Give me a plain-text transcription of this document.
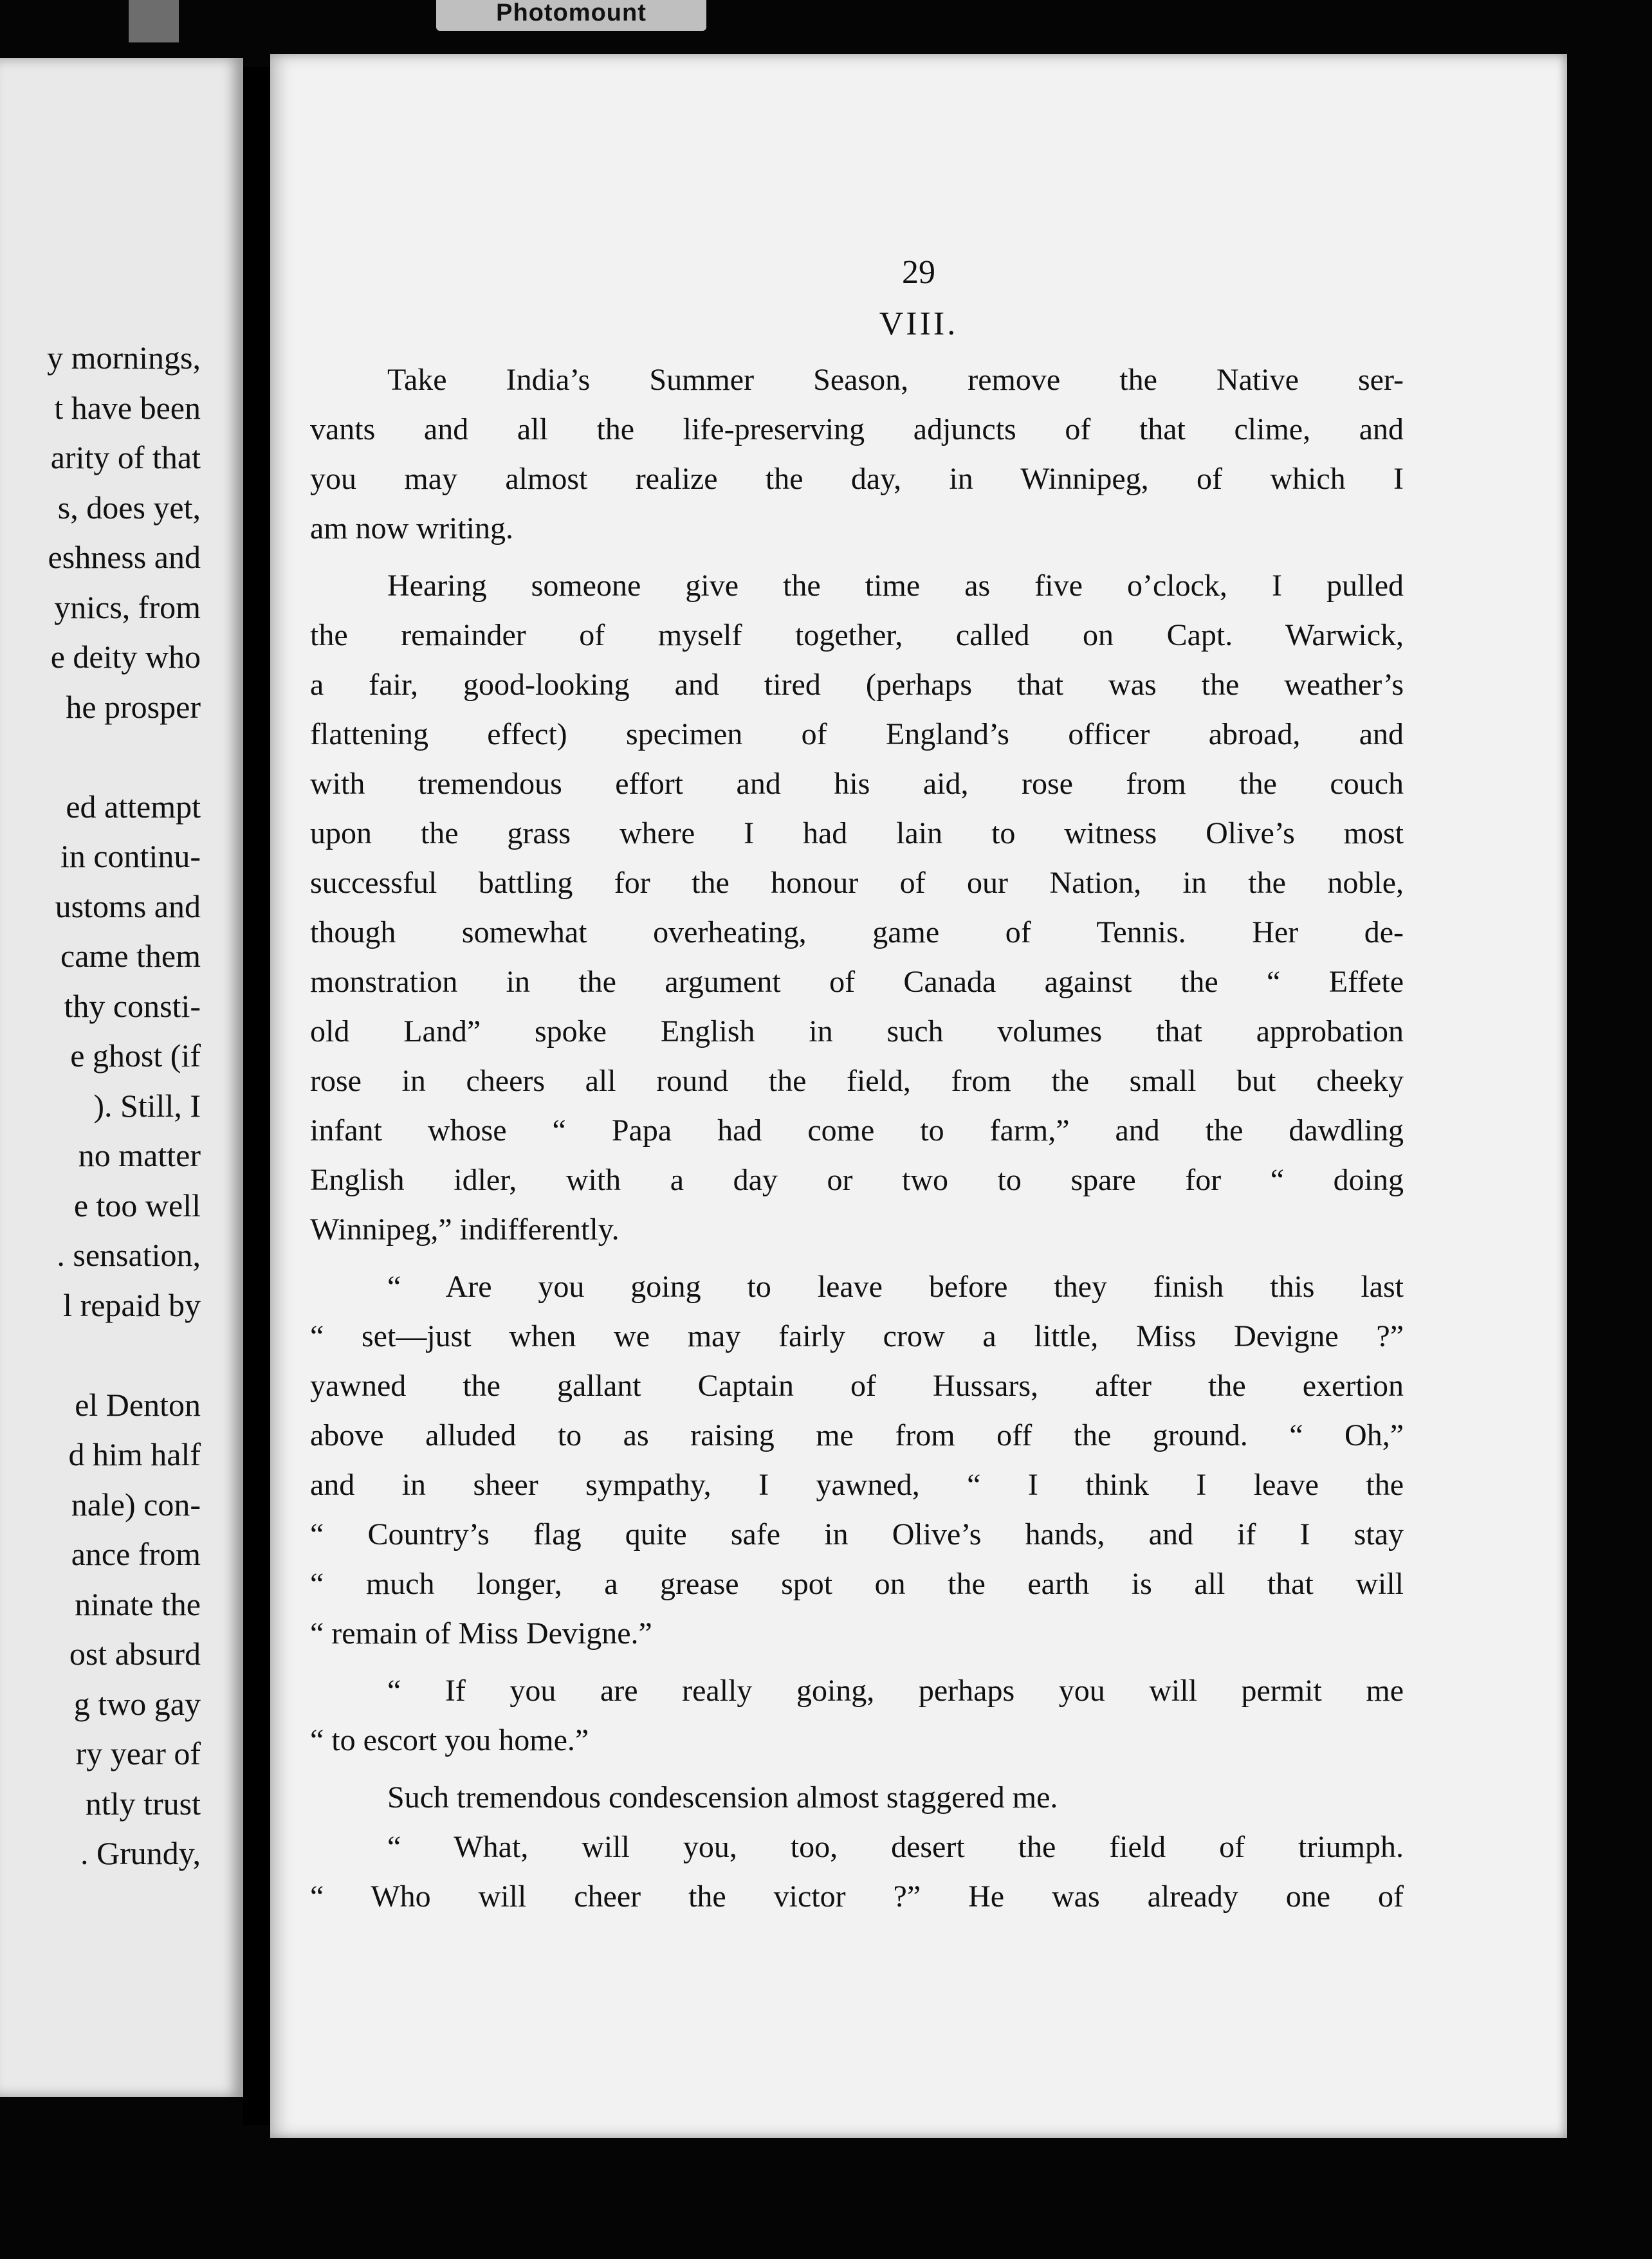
Photomount
y mornings,
t have been
arity of that
s, does yet,
eshness and
ynics, from
e deity who
he prosper
ed attempt
in continu-
ustoms and
came them
thy consti-
e ghost (if
). Still, I
no matter
e too well
. sensation,
l repaid by
el Denton
d him half
nale) con-
ance from
ninate the
ost absurd
g two gay
ry year of
ntly trust
. Grundy,
29
VIII.
Take India’s Summer Season, remove the Native ser-
vants and all the life-preserving adjuncts of that clime, and
you may almost realize the day, in Winnipeg, of which I
am now writing.
Hearing someone give the time as five o’clock, I pulled
the remainder of myself together, called on Capt. Warwick,
a fair, good-looking and tired (perhaps that was the weather’s
flattening effect) specimen of England’s officer abroad, and
with tremendous effort and his aid, rose from the couch
upon the grass where I had lain to witness Olive’s most
successful battling for the honour of our Nation, in the noble,
though somewhat overheating, game of Tennis. Her de-
monstration in the argument of Canada against the “ Effete
old Land” spoke English in such volumes that approbation
rose in cheers all round the field, from the small but cheeky
infant whose “ Papa had come to farm,” and the dawdling
English idler, with a day or two to spare for “ doing
Winnipeg,” indifferently.
“ Are you going to leave before they finish this last
“ set—just when we may fairly crow a little, Miss Devigne ?”
yawned the gallant Captain of Hussars, after the exertion
above alluded to as raising me from off the ground. “ Oh,”
and in sheer sympathy, I yawned, “ I think I leave the
“ Country’s flag quite safe in Olive’s hands, and if I stay
“ much longer, a grease spot on the earth is all that will
“ remain of Miss Devigne.”
“ If you are really going, perhaps you will permit me
“ to escort you home.”
Such tremendous condescension almost staggered me.
“ What, will you, too, desert the field of triumph.
“ Who will cheer the victor ?” He was already one of
